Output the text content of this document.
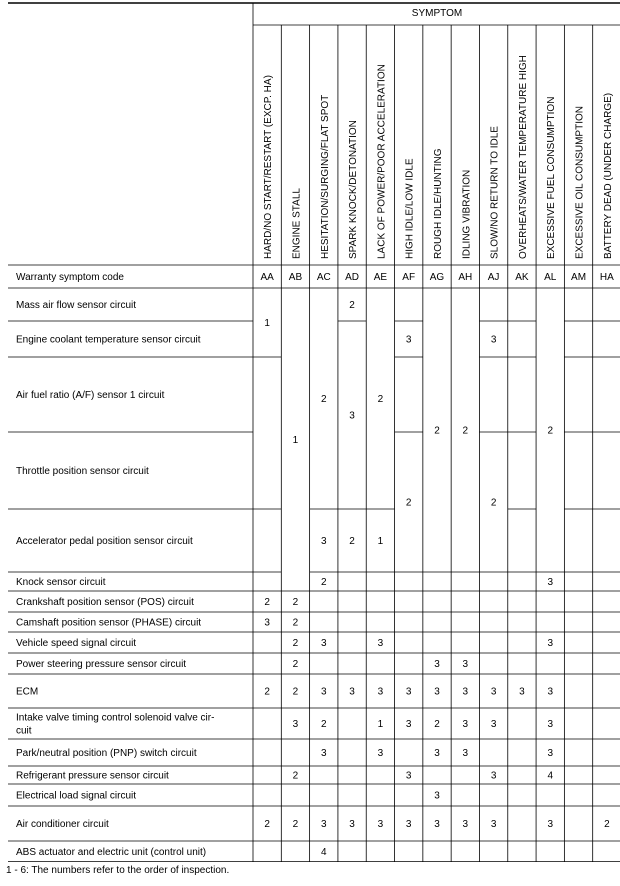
SYMPTOM
HARD/NO START/RESTART (EXCP. HA) ENGINE STALL HESITATION/SURGING/FLAT SPOT SPARK KNOCK/DETONATION LACK OF POWER/POOR ACCELERATION HIGH IDLE/LOW IDLE ROUGH IDLE/HUNTING IDLING VIBRATION SLOW/NO RETURN TO IDLE OVERHEATS/WATER TEMPERATURE HIGH EXCESSIVE FUEL CONSUMPTION EXCESSIVE OIL CONSUMPTION BATTERY DEAD (UNDER CHARGE)
Warranty symptom code	AA AB AC AD AE AF AG AH AJ AK AL AM HA
Mass air flow sensor circuit
Engine coolant temperature sensor circuit
Air fuel ratio (A/F) sensor 1 circuit
Throttle position sensor circuit
Accelerator pedal position sensor circuit
Knock sensor circuit
Crankshaft position sensor (POS) circuit
Camshaft position sensor (PHASE) circuit
Vehicle speed signal circuit
Power steering pressure sensor circuit
ECM
Intake valve timing control solenoid valve cir-
cuit
Park/neutral position (PNP) switch circuit
Refrigerant pressure sensor circuit
Electrical load signal circuit
Air conditioner circuit
ABS actuator and electric unit (control unit)
1
2
3
2
2
1
2
2
2
2
2
3
2
2
2
3
2
3
3
2
3
3
4
2
3
2
3
3
2
1
3
3
1
3
3
3
2
3
3
3
3
2
3
3
2
3
3
3
2
3
3
3
3
3
3
2
3
3
3
3
3
2
3
3
3
3
3
4
3	2

1 - 6: The numbers refer to the order of inspection.
